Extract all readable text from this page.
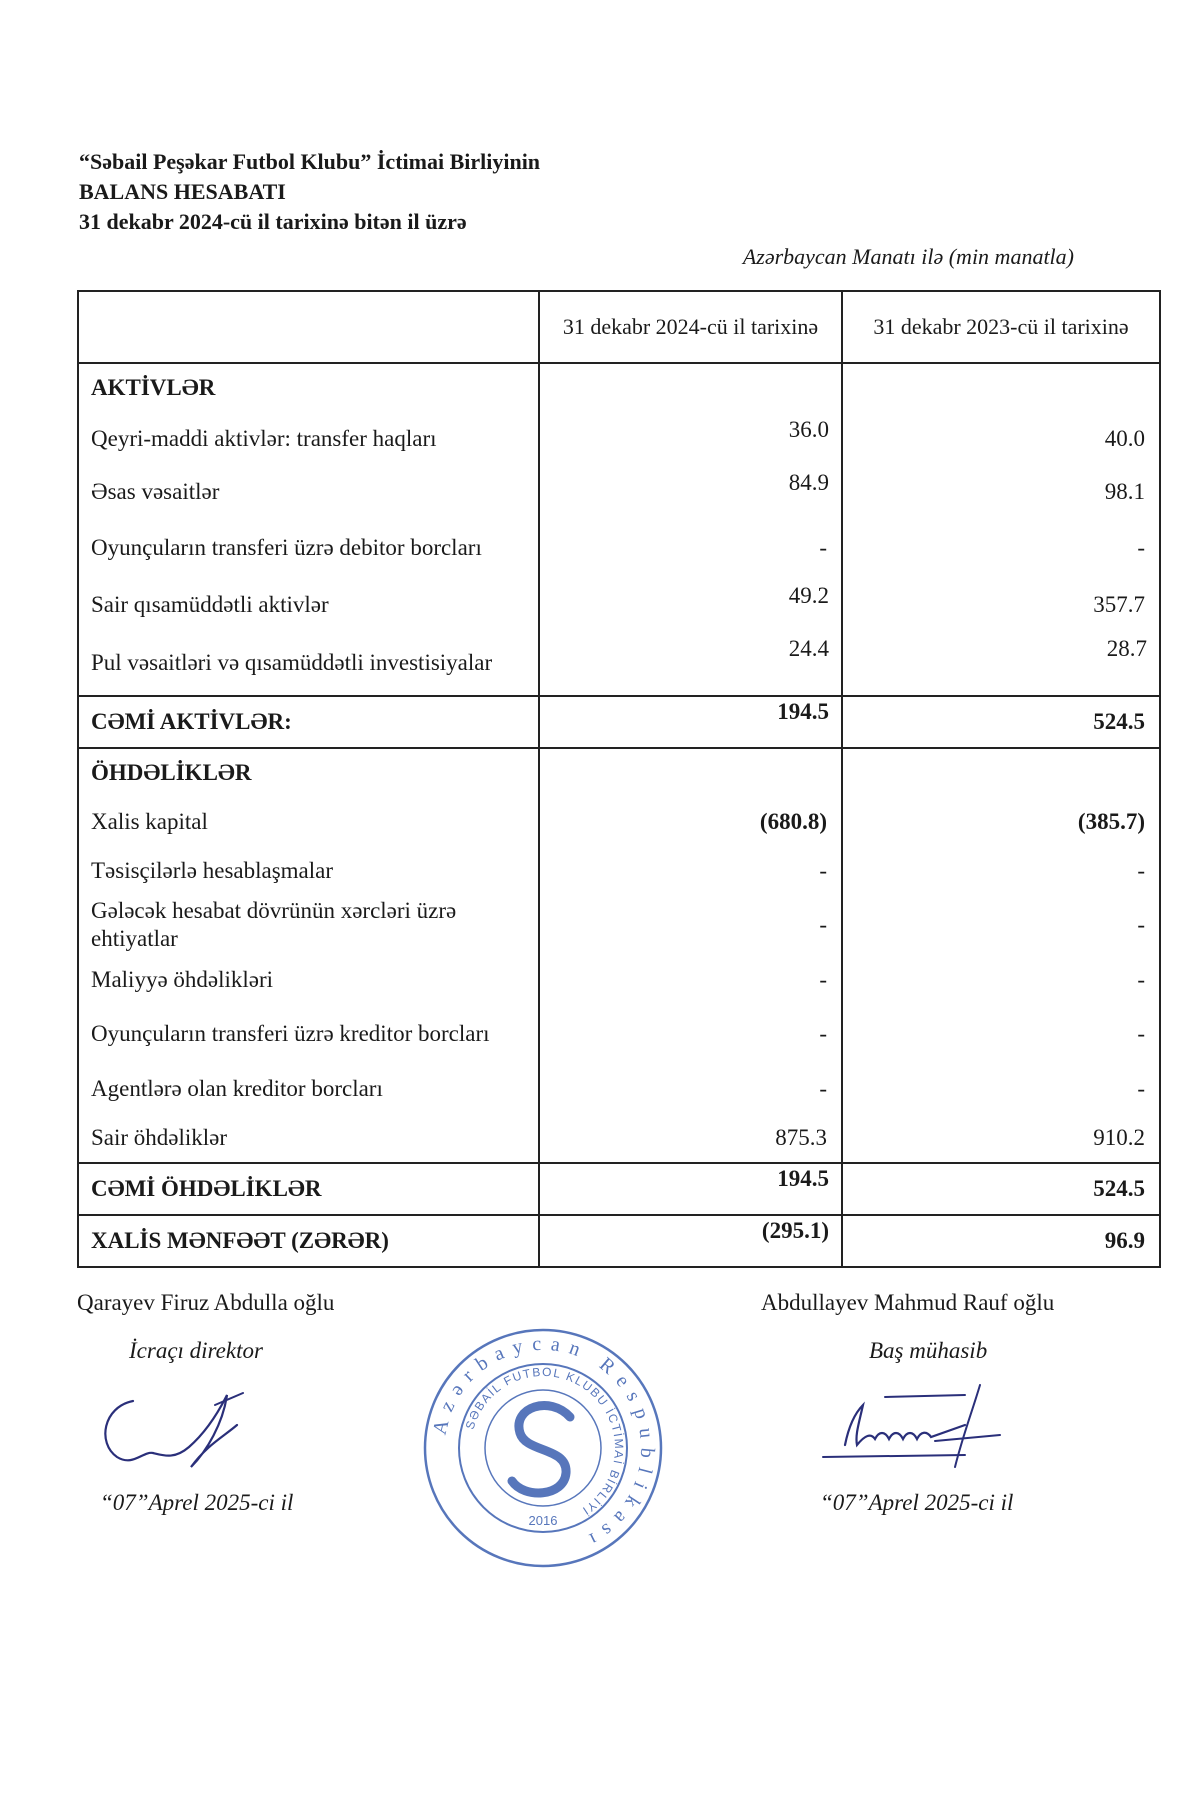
“Səbail Peşəkar Futbol Klubu” İctimai Birliyinin
BALANS HESABATI
31 dekabr 2024-cü il tarixinə bitən il üzrə
Azərbaycan Manatı ilə (min manatla)
	31 dekabr 2024-cü il tarixinə	31 dekabr 2023-cü il tarixinə
AKTİVLƏR		
Qeyri-maddi aktivlər: transfer haqları	36.0	40.0
Əsas vəsaitlər	84.9	98.1
Oyunçuların transferi üzrə debitor borcları	-	-
Sair qısamüddətli aktivlər	49.2	357.7
Pul vəsaitləri və qısamüddətli investisiyalar	24.4	28.7
CƏMİ AKTİVLƏR:	194.5	524.5
ÖHDƏLİKLƏR		
Xalis kapital	(680.8)	(385.7)
Təsisçilərlə hesablaşmalar	-	-
Gələcək hesabat dövrünün xərcləri üzrə ehtiyatlar	-	-
Maliyyə öhdəlikləri	-	-
Oyunçuların transferi üzrə kreditor borcları	-	-
Agentlərə olan kreditor borcları	-	-
Sair öhdəliklər	875.3	910.2
CƏMİ ÖHDƏLİKLƏR	194.5	524.5
XALİS MƏNFƏƏT (ZƏRƏR)	(295.1)	96.9
Qarayev Firuz Abdulla oğlu
İcraçı direktor
Abdullayev Mahmud Rauf oğlu
Baş mühasib
“07”Aprel 2025-ci il	“07”Aprel 2025-ci il
Azərbaycan Respublikası
SƏBAİL FUTBOL KLUBU İCTİMAİ BİRLİYİ
2016
